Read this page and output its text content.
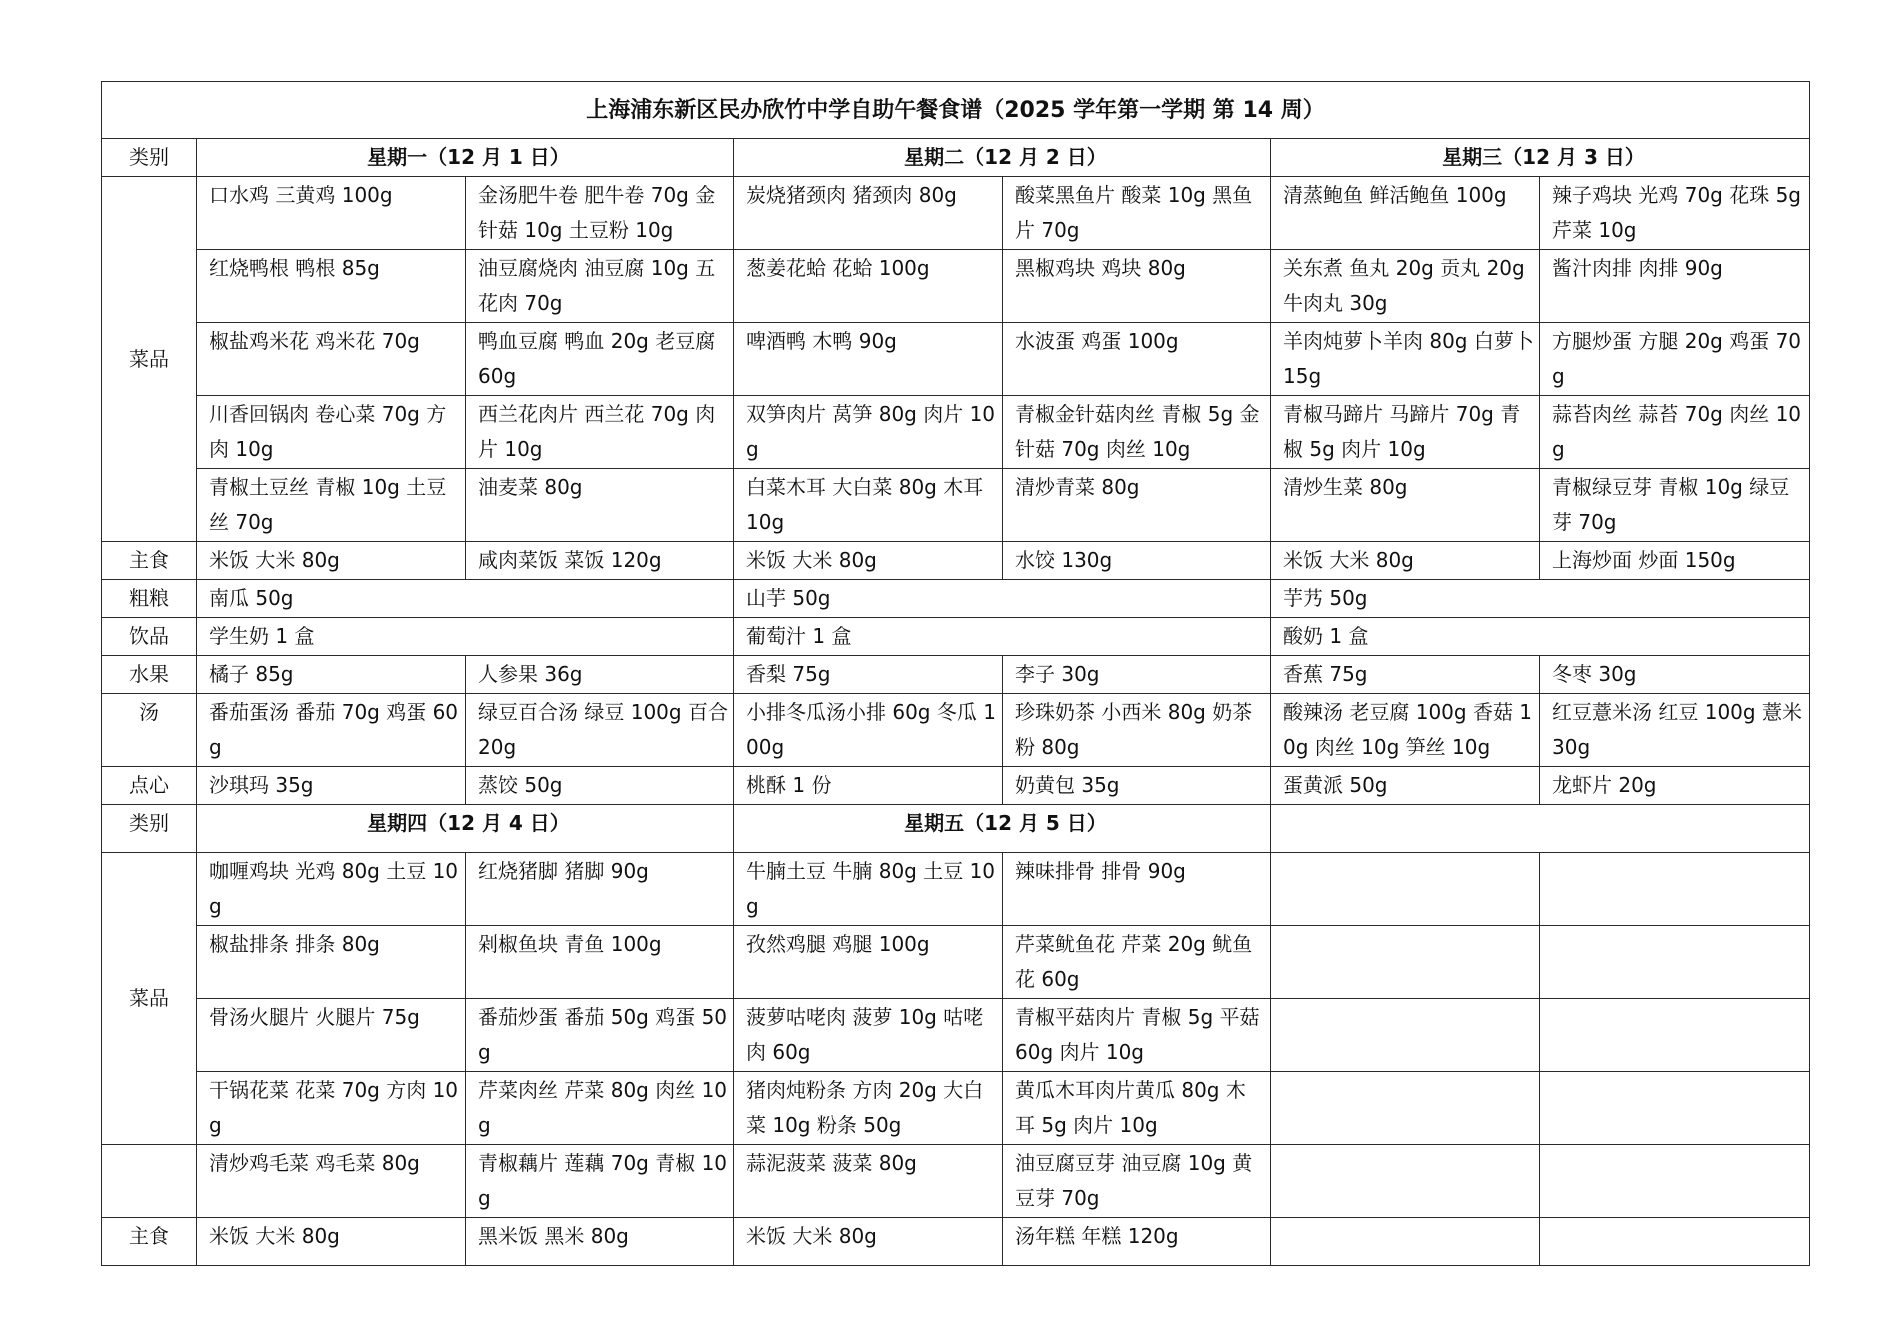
上海浦东新区民办欣竹中学自助午餐食谱（2025 学年第一学期 第 14 周）						
类别	星期一（12 月 1 日）		星期二（12 月 2 日）		星期三（12 月 3 日）	
菜品	口水鸡 三黄鸡 100g	金汤肥牛卷 肥牛卷 70g 金针菇 10g 土豆粉 10g	炭烧猪颈肉 猪颈肉 80g	酸菜黑鱼片 酸菜 10g 黑鱼片 70g	清蒸鲍鱼 鲜活鲍鱼 100g	辣子鸡块 光鸡 70g 花珠 5g 芹菜 10g
	红烧鸭根 鸭根 85g	油豆腐烧肉 油豆腐 10g 五花肉 70g	葱姜花蛤 花蛤 100g	黑椒鸡块 鸡块 80g	关东煮 鱼丸 20g 贡丸 20g 牛肉丸 30g	酱汁肉排 肉排 90g
	椒盐鸡米花 鸡米花 70g	鸭血豆腐 鸭血 20g 老豆腐 60g	啤酒鸭 木鸭 90g	水波蛋 鸡蛋 100g	羊肉炖萝卜羊肉 80g 白萝卜 15g	方腿炒蛋 方腿 20g 鸡蛋 70g
	川香回锅肉 卷心菜 70g 方肉 10g	西兰花肉片 西兰花 70g 肉片 10g	双笋肉片 莴笋 80g 肉片 10g	青椒金针菇肉丝 青椒 5g 金针菇 70g 肉丝 10g	青椒马蹄片 马蹄片 70g 青椒 5g 肉片 10g	蒜苔肉丝 蒜苔 70g 肉丝 10g
	青椒土豆丝 青椒 10g 土豆丝 70g	油麦菜 80g	白菜木耳 大白菜 80g 木耳 10g	清炒青菜 80g	清炒生菜 80g	青椒绿豆芽 青椒 10g 绿豆芽 70g
主食	米饭 大米 80g	咸肉菜饭 菜饭 120g	米饭 大米 80g	水饺 130g	米饭 大米 80g	上海炒面 炒面 150g
粗粮	南瓜 50g		山芋 50g		芋艿 50g	
饮品	学生奶 1 盒		葡萄汁 1 盒		酸奶 1 盒	
水果	橘子 85g	人参果 36g	香梨 75g	李子 30g	香蕉 75g	冬枣 30g
汤	番茄蛋汤 番茄 70g 鸡蛋 60g	绿豆百合汤 绿豆 100g 百合 20g	小排冬瓜汤小排 60g 冬瓜 100g	珍珠奶茶 小西米 80g 奶茶粉 80g	酸辣汤 老豆腐 100g 香菇 10g 肉丝 10g 笋丝 10g	红豆薏米汤 红豆 100g 薏米 30g
点心	沙琪玛 35g	蒸饺 50g	桃酥 1 份	奶黄包 35g	蛋黄派 50g	龙虾片 20g
类别	星期四（12 月 4 日）		星期五（12 月 5 日）			
菜品	咖喱鸡块 光鸡 80g 土豆 10g	红烧猪脚 猪脚 90g	牛腩土豆 牛腩 80g 土豆 10g	辣味排骨 排骨 90g		
	椒盐排条 排条 80g	剁椒鱼块 青鱼 100g	孜然鸡腿 鸡腿 100g	芹菜鱿鱼花 芹菜 20g 鱿鱼花 60g		
	骨汤火腿片 火腿片 75g	番茄炒蛋 番茄 50g 鸡蛋 50g	菠萝咕咾肉 菠萝 10g 咕咾肉 60g	青椒平菇肉片 青椒 5g 平菇 60g 肉片 10g		
	干锅花菜 花菜 70g 方肉 10g	芹菜肉丝 芹菜 80g 肉丝 10g	猪肉炖粉条 方肉 20g 大白菜 10g 粉条 50g	黄瓜木耳肉片黄瓜 80g 木耳 5g 肉片 10g		
	清炒鸡毛菜 鸡毛菜 80g	青椒藕片 莲藕 70g 青椒 10g	蒜泥菠菜 菠菜 80g	油豆腐豆芽 油豆腐 10g 黄豆芽 70g		
主食	米饭 大米 80g	黑米饭 黑米 80g	米饭 大米 80g	汤年糕 年糕 120g		
